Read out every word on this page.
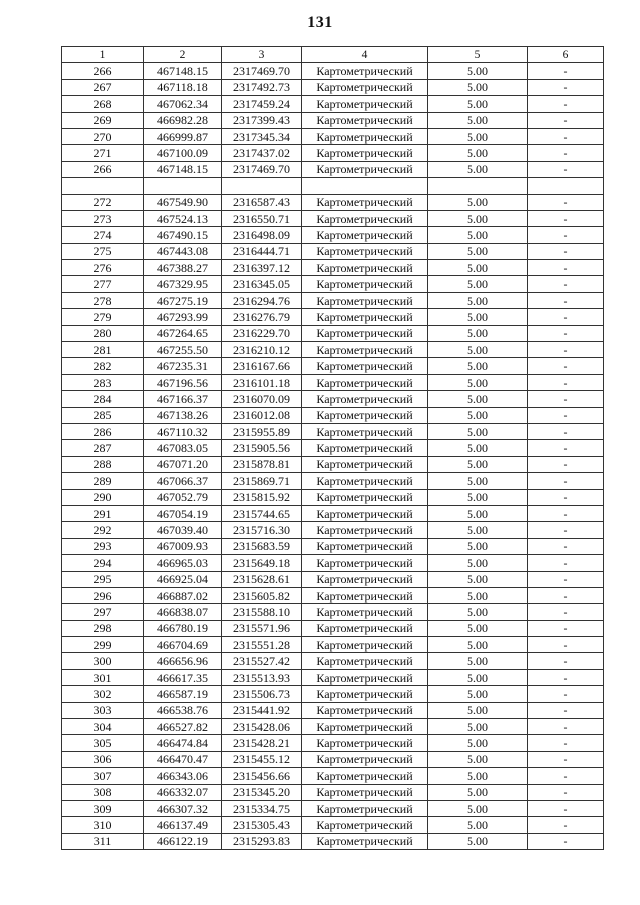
131
1	2	3	4	5	6
266	467148.15	2317469.70	Картометрический	5.00	-
267	467118.18	2317492.73	Картометрический	5.00	-
268	467062.34	2317459.24	Картометрический	5.00	-
269	466982.28	2317399.43	Картометрический	5.00	-
270	466999.87	2317345.34	Картометрический	5.00	-
271	467100.09	2317437.02	Картометрический	5.00	-
266	467148.15	2317469.70	Картометрический	5.00	-

272	467549.90	2316587.43	Картометрический	5.00	-
273	467524.13	2316550.71	Картометрический	5.00	-
274	467490.15	2316498.09	Картометрический	5.00	-
275	467443.08	2316444.71	Картометрический	5.00	-
276	467388.27	2316397.12	Картометрический	5.00	-
277	467329.95	2316345.05	Картометрический	5.00	-
278	467275.19	2316294.76	Картометрический	5.00	-
279	467293.99	2316276.79	Картометрический	5.00	-
280	467264.65	2316229.70	Картометрический	5.00	-
281	467255.50	2316210.12	Картометрический	5.00	-
282	467235.31	2316167.66	Картометрический	5.00	-
283	467196.56	2316101.18	Картометрический	5.00	-
284	467166.37	2316070.09	Картометрический	5.00	-
285	467138.26	2316012.08	Картометрический	5.00	-
286	467110.32	2315955.89	Картометрический	5.00	-
287	467083.05	2315905.56	Картометрический	5.00	-
288	467071.20	2315878.81	Картометрический	5.00	-
289	467066.37	2315869.71	Картометрический	5.00	-
290	467052.79	2315815.92	Картометрический	5.00	-
291	467054.19	2315744.65	Картометрический	5.00	-
292	467039.40	2315716.30	Картометрический	5.00	-
293	467009.93	2315683.59	Картометрический	5.00	-
294	466965.03	2315649.18	Картометрический	5.00	-
295	466925.04	2315628.61	Картометрический	5.00	-
296	466887.02	2315605.82	Картометрический	5.00	-
297	466838.07	2315588.10	Картометрический	5.00	-
298	466780.19	2315571.96	Картометрический	5.00	-
299	466704.69	2315551.28	Картометрический	5.00	-
300	466656.96	2315527.42	Картометрический	5.00	-
301	466617.35	2315513.93	Картометрический	5.00	-
302	466587.19	2315506.73	Картометрический	5.00	-
303	466538.76	2315441.92	Картометрический	5.00	-
304	466527.82	2315428.06	Картометрический	5.00	-
305	466474.84	2315428.21	Картометрический	5.00	-
306	466470.47	2315455.12	Картометрический	5.00	-
307	466343.06	2315456.66	Картометрический	5.00	-
308	466332.07	2315345.20	Картометрический	5.00	-
309	466307.32	2315334.75	Картометрический	5.00	-
310	466137.49	2315305.43	Картометрический	5.00	-
311	466122.19	2315293.83	Картометрический	5.00	-
